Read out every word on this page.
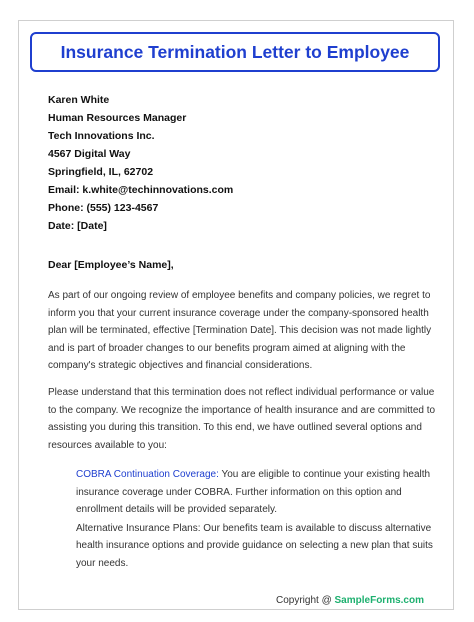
Insurance Termination Letter to Employee
Karen White
Human Resources Manager
Tech Innovations Inc.
4567 Digital Way
Springfield, IL, 62702
Email: k.white@techinnovations.com
Phone: (555) 123-4567
Date: [Date]
Dear [Employee’s Name],

As part of our ongoing review of employee benefits and company policies, we regret to inform you that your current insurance coverage under the company-sponsored health plan will be terminated, effective [Termination Date]. This decision was not made lightly and is part of broader changes to our benefits program aimed at aligning with the company's strategic objectives and financial considerations.

Please understand that this termination does not reflect individual performance or value to the company. We recognize the importance of health insurance and are committed to assisting you during this transition. To this end, we have outlined several options and resources available to you:

COBRA Continuation Coverage: You are eligible to continue your existing health insurance coverage under COBRA. Further information on this option and enrollment details will be provided separately.

Alternative Insurance Plans: Our benefits team is available to discuss alternative health insurance options and provide guidance on selecting a new plan that suits your needs.

Copyright @ SampleForms.com
